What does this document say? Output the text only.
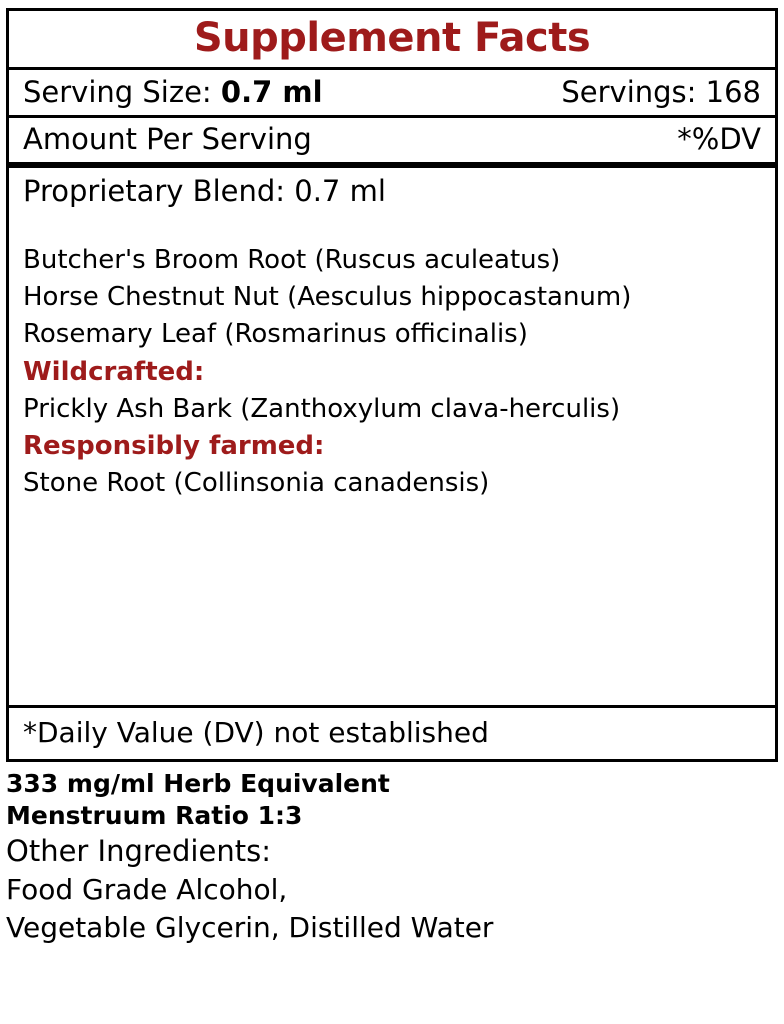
Supplement Facts
Serving Size: 0.7 ml	Servings: 168
Amount Per Serving	*%DV
Proprietary Blend: 0.7 ml
Butcher's Broom Root (Ruscus aculeatus)
Horse Chestnut Nut (Aesculus hippocastanum)
Rosemary Leaf (Rosmarinus officinalis)
Wildcrafted:
Prickly Ash Bark (Zanthoxylum clava-herculis)
Responsibly farmed:
Stone Root (Collinsonia canadensis)
*Daily Value (DV) not established
333 mg/ml Herb Equivalent
Menstruum Ratio 1:3
Other Ingredients:
Food Grade Alcohol,
Vegetable Glycerin, Distilled Water
